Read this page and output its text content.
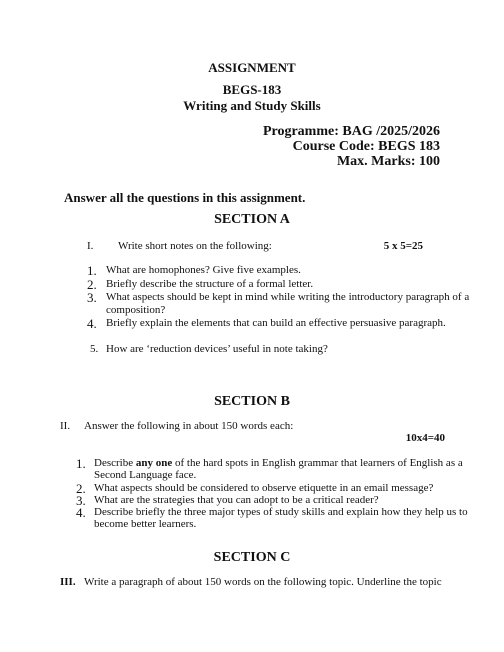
ASSIGNMENT
BEGS-183
Writing and Study Skills
Programme: BAG /2025/2026
Course Code: BEGS 183
Max. Marks: 100
Answer all the questions in this assignment.
SECTION A
I. Write short notes on the following:	5 x 5=25
1. What are homophones? Give five examples.
2. Briefly describe the structure of a formal letter.
3. What aspects should be kept in mind while writing the introductory paragraph of a
composition?
4. Briefly explain the elements that can build an effective persuasive paragraph.
5. How are ‘reduction devices’ useful in note taking?
SECTION B
II. Answer the following in about 150 words each:
10x4=40
1. Describe any one of the hard spots in English grammar that learners of English as a
Second Language face.
2. What aspects should be considered to observe etiquette in an email message?
3. What are the strategies that you can adopt to be a critical reader?
4. Describe briefly the three major types of study skills and explain how they help us to
become better learners.
SECTION C
III. Write a paragraph of about 150 words on the following topic. Underline the topic
